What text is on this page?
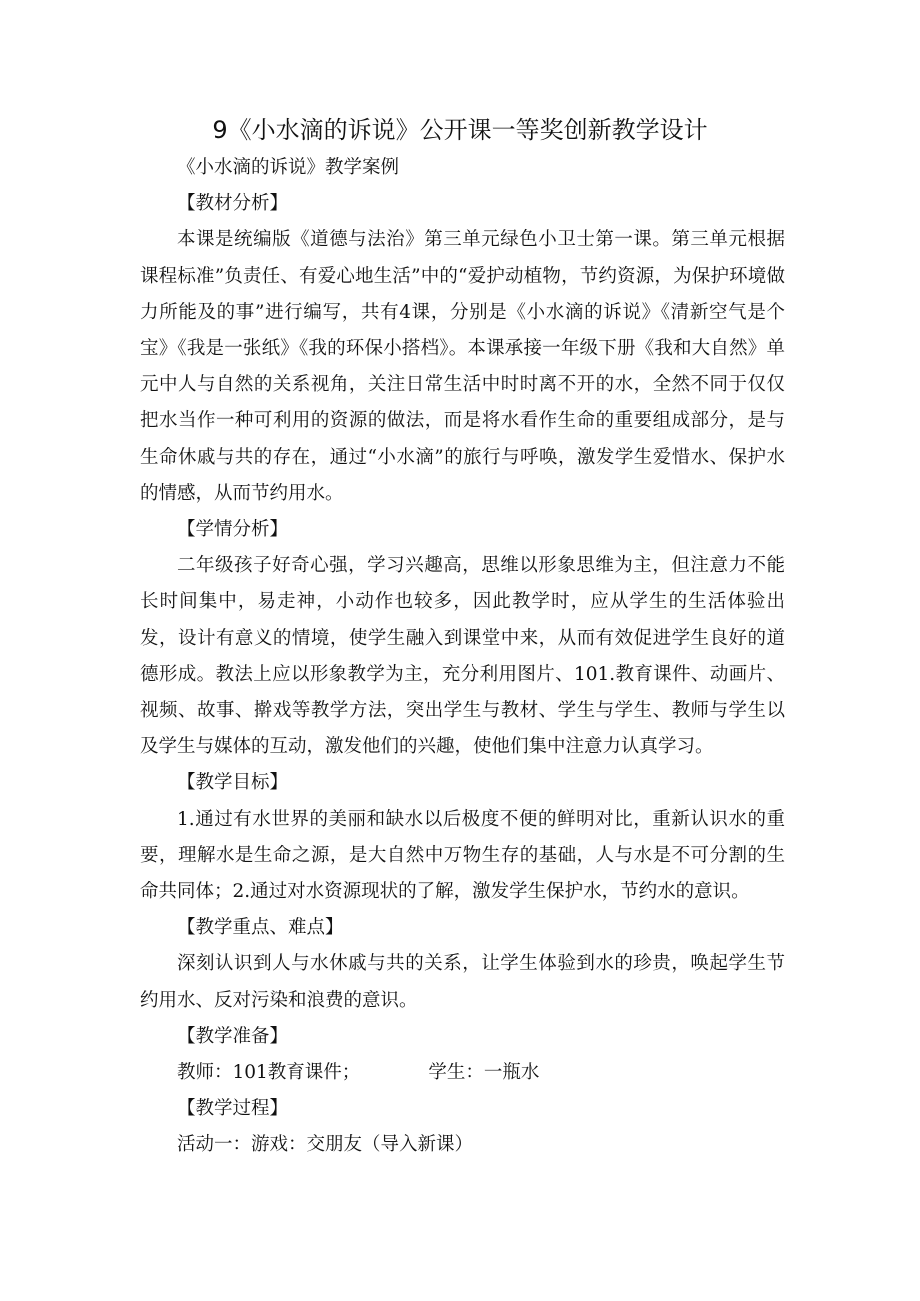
9《小水滴的诉说》公开课一等奖创新教学设计
《小水滴的诉说》教学案例
【教材分析】

本课是统编版《道德与法治》第三单元绿色小卫士第一课。第三单元根据课程标准”负责任、有爱心地生活”中的“爱护动植物，节约资源，为保护环境做力所能及的事”进行编写，共有4课，分别是《小水滴的诉说》《清新空气是个宝》《我是一张纸》《我的环保小搭档》。本课承接一年级下册《我和大自然》单元中人与自然的关系视角，关注日常生活中时时离不开的水，全然不同于仅仅把水当作一种可利用的资源的做法，而是将水看作生命的重要组成部分，是与生命休戚与共的存在，通过“小水滴”的旅行与呼唤，激发学生爱惜水、保护水的情感，从而节约用水。

【学情分析】

二年级孩子好奇心强，学习兴趣高，思维以形象思维为主，但注意力不能长时间集中，易走神，小动作也较多，因此教学时，应从学生的生活体验出发，设计有意义的情境，使学生融入到课堂中来，从而有效促进学生良好的道德形成。教法上应以形象教学为主，充分利用图片、101.教育课件、动画片、视频、故事、擀戏等教学方法，突出学生与教材、学生与学生、教师与学生以及学生与媒体的互动，激发他们的兴趣，使他们集中注意力认真学习。

【教学目标】

1.通过有水世界的美丽和缺水以后极度不便的鲜明对比，重新认识水的重要，理解水是生命之源，是大自然中万物生存的基础，人与水是不可分割的生命共同体；2.通过对水资源现状的了解，激发学生保护水，节约水的意识。

【教学重点、难点】

深刻认识到人与水休戚与共的关系，让学生体验到水的珍贵，唤起学生节约用水、反对污染和浪费的意识。

【教学准备】
教师：101教育课件；	学生：一瓶水
【教学过程】
活动一：游戏：交朋友（导入新课）
